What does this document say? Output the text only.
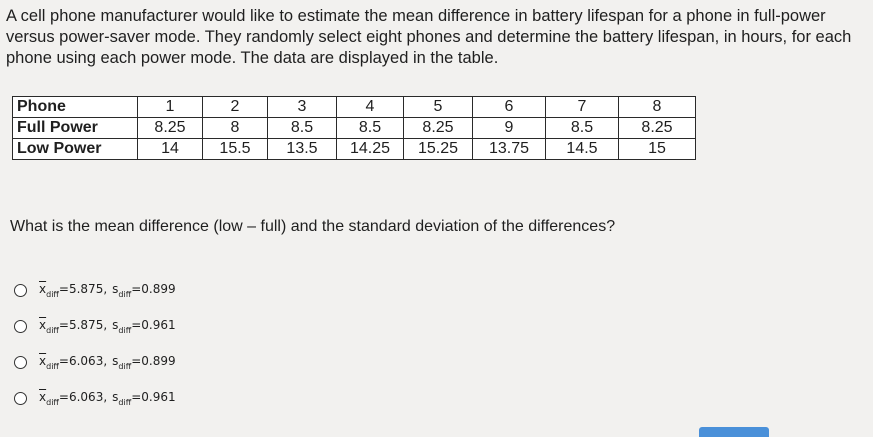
A cell phone manufacturer would like to estimate the mean difference in battery lifespan for a phone in full-power

versus power-saver mode. They randomly select eight phones and determine the battery lifespan, in hours, for each

phone using each power mode. The data are displayed in the table.

Phone	1	2	3	4	5	6	7	8
Full Power	8.25	8	8.5	8.5	8.25	9	8.5	8.25
Low Power	14	15.5	13.5	14.25	15.25	13.75	14.5	15
What is the mean difference (low – full) and the standard deviation of the differences?
$\overline{x}_{diff}=5.875$, $s_{diff}=0.899$
$\overline{x}_{diff}=5.875$, $s_{diff}=0.961$
$\overline{x}_{diff}=6.063$, $s_{diff}=0.899$
$\overline{x}_{diff}=6.063$, $s_{diff}=0.961$
